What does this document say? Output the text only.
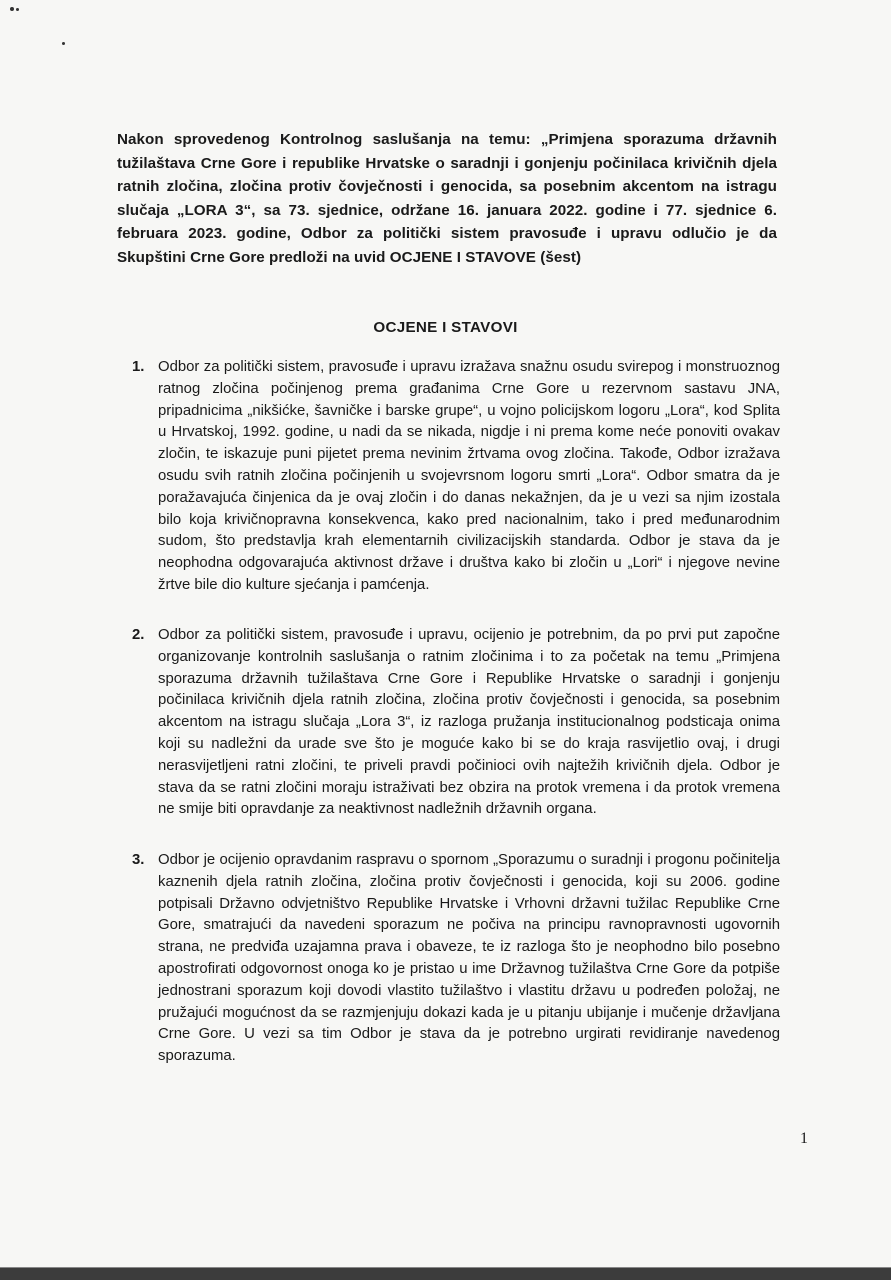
Nakon sprovedenog Kontrolnog saslušanja na temu: „Primjena sporazuma državnih tužilaštava Crne Gore i republike Hrvatske o saradnji i gonjenju počinilaca krivičnih djela ratnih zločina, zločina protiv čovječnosti i genocida, sa posebnim akcentom na istragu slučaja „LORA 3“, sa 73. sjednice, održane 16. januara 2022. godine i 77. sjednice 6. februara 2023. godine, Odbor za politički sistem pravosuđe i upravu odlučio je da Skupštini Crne Gore predloži na uvid OCJENE I STAVOVE (šest)
OCJENE I STAVOVI
1. Odbor za politički sistem, pravosuđe i upravu izražava snažnu osudu svirepog i monstruoznog ratnog zločina počinjenog prema građanima Crne Gore u rezervnom sastavu JNA, pripadnicima „nikšićke, šavničke i barske grupe“, u vojno policijskom logoru „Lora“, kod Splita u Hrvatskoj, 1992. godine, u nadi da se nikada, nigdje i ni prema kome neće ponoviti ovakav zločin, te iskazuje puni pijetet prema nevinim žrtvama ovog zločina. Takođe, Odbor izražava osudu svih ratnih zločina počinjenih u svojevrsnom logoru smrti „Lora“. Odbor smatra da je poražavajuća činjenica da je ovaj zločin i do danas nekažnjen, da je u vezi sa njim izostala bilo koja krivičnopravna konsekvenca, kako pred nacionalnim, tako i pred međunarodnim sudom, što predstavlja krah elementarnih civilizacijskih standarda. Odbor je stava da je neophodna odgovarajuća aktivnost države i društva kako bi zločin u „Lori“ i njegove nevine žrtve bile dio kulture sjećanja i pamćenja.
2. Odbor za politički sistem, pravosuđe i upravu, ocijenio je potrebnim, da po prvi put započne organizovanje kontrolnih saslušanja o ratnim zločinima i to za početak na temu „Primjena sporazuma državnih tužilaštava Crne Gore i Republike Hrvatske o saradnji i gonjenju počinilaca krivičnih djela ratnih zločina, zločina protiv čovječnosti i genocida, sa posebnim akcentom na istragu slučaja „Lora 3“, iz razloga pružanja institucionalnog podsticaja onima koji su nadležni da urade sve što je moguće kako bi se do kraja rasvijetlio ovaj, i drugi nerasvijetljeni ratni zločini, te priveli pravdi počinioci ovih najtežih krivičnih djela. Odbor je stava da se ratni zločini moraju istraživati bez obzira na protok vremena i da protok vremena ne smije biti opravdanje za neaktivnost nadležnih državnih organa.
3. Odbor je ocijenio opravdanim raspravu o spornom „Sporazumu o suradnji i progonu počinitelja kaznenih djela ratnih zločina, zločina protiv čovječnosti i genocida, koji su 2006. godine potpisali Državno odvjetništvo Republike Hrvatske i Vrhovni državni tužilac Republike Crne Gore, smatrajući da navedeni sporazum ne počiva na principu ravnopravnosti ugovornih strana, ne predviđa uzajamna prava i obaveze, te iz razloga što je neophodno bilo posebno apostrofirati odgovornost onoga ko je pristao u ime Državnog tužilaštva Crne Gore da potpiše jednostrani sporazum koji dovodi vlastito tužilaštvo i vlastitu državu u podređen položaj, ne pružajući mogućnost da se razmjenjuju dokazi kada je u pitanju ubijanje i mučenje državljana Crne Gore. U vezi sa tim Odbor je stava da je potrebno urgirati revidiranje navedenog sporazuma.
1
